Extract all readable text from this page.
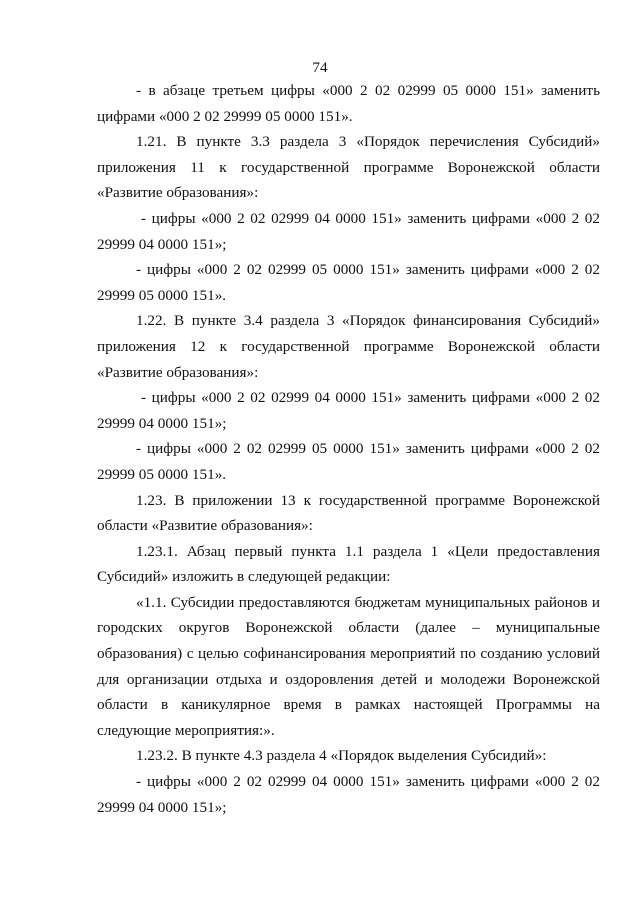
74

- в абзаце третьем цифры «000 2 02 02999 05 0000 151» заменить цифрами «000 2 02 29999 05 0000 151».

1.21. В пункте 3.3 раздела 3 «Порядок перечисления Субсидий» приложения 11 к государственной программе Воронежской области «Развитие образования»:

- цифры «000 2 02 02999 04 0000 151» заменить цифрами «000 2 02 29999 04 0000 151»;

- цифры «000 2 02 02999 05 0000 151» заменить цифрами «000 2 02 29999 05 0000 151».

1.22. В пункте 3.4 раздела 3 «Порядок финансирования Субсидий» приложения 12 к государственной программе Воронежской области «Развитие образования»:

- цифры «000 2 02 02999 04 0000 151» заменить цифрами «000 2 02 29999 04 0000 151»;

- цифры «000 2 02 02999 05 0000 151» заменить цифрами «000 2 02 29999 05 0000 151».

1.23. В приложении 13 к государственной программе Воронежской области «Развитие образования»:

1.23.1. Абзац первый пункта 1.1 раздела 1 «Цели предоставления Субсидий» изложить в следующей редакции:

«1.1. Субсидии предоставляются бюджетам муниципальных районов и городских округов Воронежской области (далее – муниципальные образования) с целью софинансирования мероприятий по созданию условий для организации отдыха и оздоровления детей и молодежи Воронежской области в каникулярное время в рамках настоящей Программы на следующие мероприятия:».

1.23.2. В пункте 4.3 раздела 4 «Порядок выделения Субсидий»:

- цифры «000 2 02 02999 04 0000 151» заменить цифрами «000 2 02 29999 04 0000 151»;
